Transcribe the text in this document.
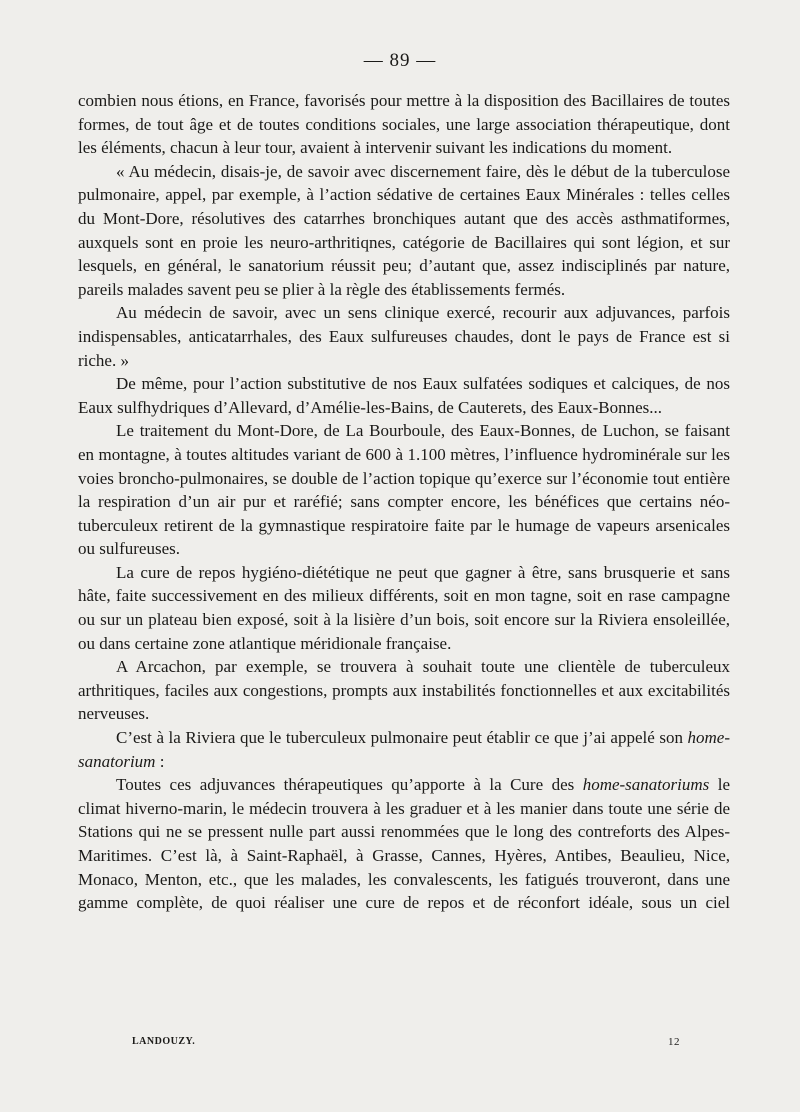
— 89 —

combien nous étions, en France, favorisés pour mettre à la disposition des Bacillaires de toutes formes, de tout âge et de toutes conditions sociales, une large association thérapeutique, dont les éléments, chacun à leur tour, avaient à intervenir suivant les indications du moment.

« Au médecin, disais-je, de savoir avec discernement faire, dès le début de la tuberculose pulmonaire, appel, par exemple, à l’action sédative de certaines Eaux Minérales : telles celles du Mont-Dore, résolutives des catarrhes bronchiques autant que des accès asthmatiformes, auxquels sont en proie les neuro-arthritiqnes, catégorie de Bacillaires qui sont légion, et sur lesquels, en général, le sanatorium réussit peu; d’autant que, assez indisciplinés par nature, pareils malades savent peu se plier à la règle des établissements fermés.

Au médecin de savoir, avec un sens clinique exercé, recourir aux adjuvances, parfois indispensables, anticatarrhales, des Eaux sulfureuses chaudes, dont le pays de France est si riche. »

De même, pour l’action substitutive de nos Eaux sulfatées sodiques et calciques, de nos Eaux sulfhydriques d’Allevard, d’Amélie-les-Bains, de Cauterets, des Eaux-Bonnes...

Le traitement du Mont-Dore, de La Bourboule, des Eaux-Bonnes, de Luchon, se faisant en montagne, à toutes altitudes variant de 600 à 1.100 mètres, l’influence hydrominérale sur les voies broncho-pulmonaires, se double de l’action topique qu’exerce sur l’économie tout entière la respiration d’un air pur et raréfié; sans compter encore, les bénéfices que certains néo-tuberculeux retirent de la gymnastique respiratoire faite par le humage de vapeurs arsenicales ou sulfureuses.

La cure de repos hygiéno-diététique ne peut que gagner à être, sans brusquerie et sans hâte, faite successivement en des milieux différents, soit en mon tagne, soit en rase campagne ou sur un plateau bien exposé, soit à la lisière d’un bois, soit encore sur la Riviera ensoleillée, ou dans certaine zone atlantique méridionale française.

A Arcachon, par exemple, se trouvera à souhait toute une clientèle de tuberculeux arthritiques, faciles aux congestions, prompts aux instabilités fonctionnelles et aux excitabilités nerveuses.

C’est à la Riviera que le tuberculeux pulmonaire peut établir ce que j’ai appelé son home-sanatorium :

Toutes ces adjuvances thérapeutiques qu’apporte à la Cure des home-sanatoriums le climat hiverno-marin, le médecin trouvera à les graduer et à les manier dans toute une série de Stations qui ne se pressent nulle part aussi renommées que le long des contreforts des Alpes-Maritimes. C’est là, à Saint-Raphaël, à Grasse, Cannes, Hyères, Antibes, Beaulieu, Nice, Monaco, Menton, etc., que les malades, les convalescents, les fatigués trouveront, dans une gamme complète, de quoi réaliser une cure de repos et de réconfort idéale, sous un ciel

LANDOUZY.	12
